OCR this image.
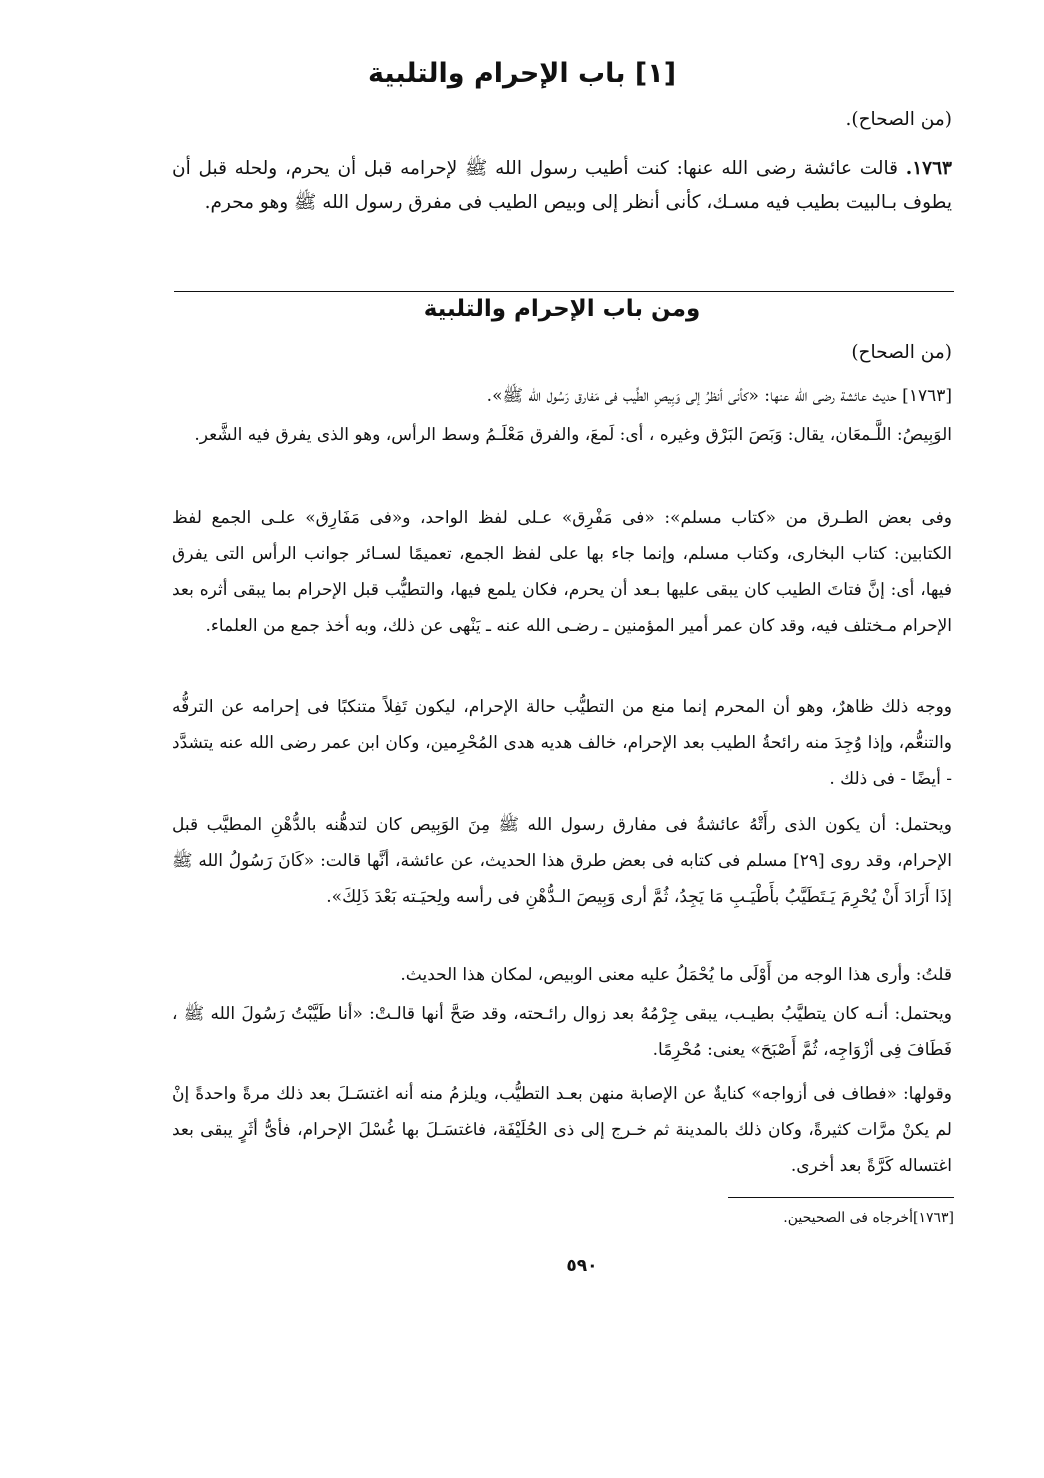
[١] باب الإحرام والتلبية
(من الصحاح).
١٧٦٣. قالت عائشة رضى الله عنها: كنت أطيب رسول الله ﷺ لإحرامه قبل أن يحرم، ولحله قبل أن يطوف بـالبيت بطيب فيه مسـك، كأنى أنظر إلى وبيص الطيب فى مفرق رسول الله ﷺ وهو محرم.
ومن باب الإحرام والتلبية
(من الصحاح)
[١٧٦٣] حديث عائشة رضى الله عنها: «كأنى أنظرُ إلى وَبِيصِ الطِّيب فى مَفارق رَسُول الله ﷺ».
الوَبِيصُ: اللَّـمعَان، يقال: وَبَصَ البَرْق وغيره ، أى: لَمعَ، والفرق مَعْلَـمُ وسط الرأس، وهو الذى يفرق فيه الشَّعر.
وفى بعض الطـرق من «كتاب مسلم»: «فى مَفْرِق» عـلى لفظ الواحد، و«فى مَفَارِق» علـى الجمع لفظ الكتابين: كتاب البخارى، وكتاب مسلم، وإنما جاء بها على لفظ الجمع، تعميمًا لسـائر جوانب الرأس التى يفرق فيها، أى: إنَّ فتاتَ الطيب كان يبقى عليها بـعد أن يحرم، فكان يلمع فيها، والتطيُّب قبل الإحرام بما يبقى أثره بعد الإحرام مـختلف فيه، وقد كان عمر أمير المؤمنين ـ رضـى الله عنه ـ يَنْهى عن ذلك، وبه أخذ جمع من العلماء.
ووجه ذلك ظاهرٌ، وهو أن المحرم إنما منع من التطيُّب حالة الإحرام، ليكون تَفِلاً متنكبًا فى إحرامه عن الترفُّه والتنعُّم، وإذا وُجِدَ منه رائحةُ الطيب بعد الإحرام، خالف هديه هدى المُحْرِمين، وكان ابن عمر رضى الله عنه يتشدَّد - أيضًا - فى ذلك .
ويحتمل: أن يكون الذى رأَتْهُ عائشةُ فى مفارق رسول الله ﷺ مِنَ الوَبِيص كان لتدهُّنه بالدُّهْنِ المطيَّب قبل الإحرام، وقد روى [٢٩] مسلم فى كتابه فى بعض طرق هذا الحديث، عن عائشة، أنَّها قالت: «كَانَ رَسُولُ الله ﷺ إذَا أَرَادَ أَنْ يُحْرِمَ يَـتَطَيَّبُ بأَطْيَـبِ مَا يَجِدُ، ثُمَّ أرى وَبِيصَ الـدُّهْنِ فى رأسه ولِحيَـته بَعْدَ ذَلِكَ».
قلتُ: وأرى هذا الوجه من أَوْلَى ما يُحْمَلُ عليه معنى الوبيص، لمكان هذا الحديث.
ويحتمل: أنـه كان يتطيَّبُ بطيـب، يبقى جِرْمُهُ بعد زوال رائـحته، وقد صَحَّ أنها قالـتْ: «أنا طَيَّبْتُ رَسُولَ الله ﷺ ، فَطَافَ فِى أزْوَاجِه، ثُمَّ أَصْبَحَ» يعنى: مُحْرِمًا.
وقولها: «فطاف فى أزواجه» كنايةٌ عن الإصابة منهن بعـد التطيُّب، ويلزمُ منه أنه اغتسَـلَ بعد ذلك مرةً واحدةً إنْ لم يكنْ مرَّات كثيرةً، وكان ذلك بالمدينة ثم خـرج إلى ذى الحُلَيْفَة، فاغتسَـلَ بها غُسْلَ الإحرام، فأىُّ أثَرٍ يبقى بعد اغتساله كَرَّةً بعد أخرى.
[١٧٦٣]أخرجاه فى الصحيحين.
٥٩٠
